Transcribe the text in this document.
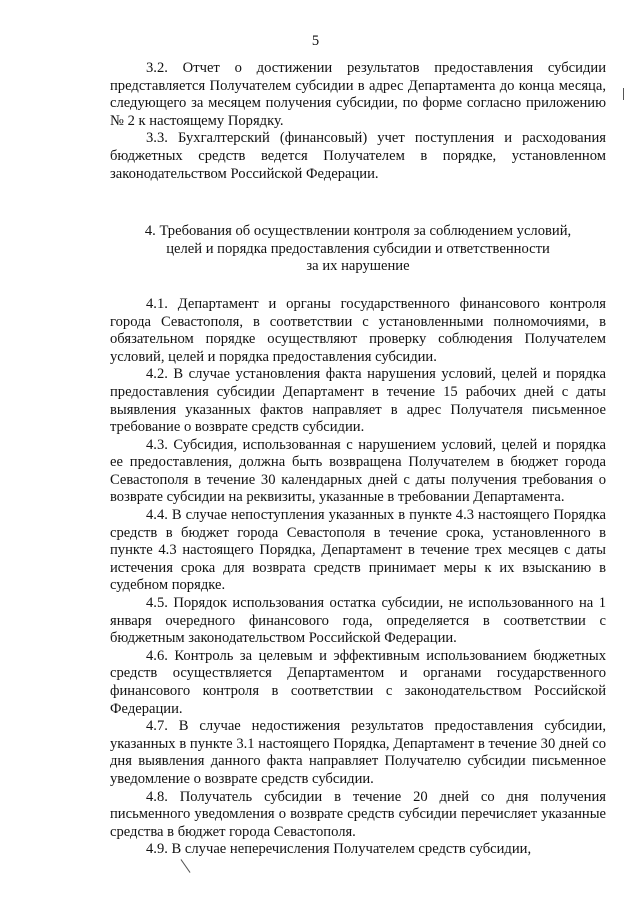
5

3.2. Отчет о достижении результатов предоставления субсидии представляется Получателем субсидии в адрес Департамента до конца месяца, следующего за месяцем получения субсидии, по форме согласно приложению № 2 к настоящему Порядку.

3.3. Бухгалтерский (финансовый) учет поступления и расходования бюджетных средств ведется Получателем в порядке, установленном законодательством Российской Федерации.

4. Требования об осуществлении контроля за соблюдением условий,
целей и порядка предоставления субсидии и ответственности
за их нарушение

4.1. Департамент и органы государственного финансового контроля города Севастополя, в соответствии с установленными полномочиями, в обязательном порядке осуществляют проверку соблюдения Получателем условий, целей и порядка предоставления субсидии.

4.2. В случае установления факта нарушения условий, целей и порядка предоставления субсидии Департамент в течение 15 рабочих дней с даты выявления указанных фактов направляет в адрес Получателя письменное требование о возврате средств субсидии.

4.3. Субсидия, использованная с нарушением условий, целей и порядка ее предоставления, должна быть возвращена Получателем в бюджет города Севастополя в течение 30 календарных дней с даты получения требования о возврате субсидии на реквизиты, указанные в требовании Департамента.

4.4. В случае непоступления указанных в пункте 4.3 настоящего Порядка средств в бюджет города Севастополя в течение срока, установленного в пункте 4.3 настоящего Порядка, Департамент в течение трех месяцев с даты истечения срока для возврата средств принимает меры к их взысканию в судебном порядке.

4.5. Порядок использования остатка субсидии, не использованного на 1 января очередного финансового года, определяется в соответствии с бюджетным законодательством Российской Федерации.

4.6. Контроль за целевым и эффективным использованием бюджетных средств осуществляется Департаментом и органами государственного финансового контроля в соответствии с законодательством Российской Федерации.

4.7. В случае недостижения результатов предоставления субсидии, указанных в пункте 3.1 настоящего Порядка, Департамент в течение 30 дней со дня выявления данного факта направляет Получателю субсидии письменное уведомление о возврате средств субсидии.

4.8. Получатель субсидии в течение 20 дней со дня получения письменного уведомления о возврате средств субсидии перечисляет указанные средства в бюджет города Севастополя.

4.9. В случае неперечисления Получателем средств субсидии,
